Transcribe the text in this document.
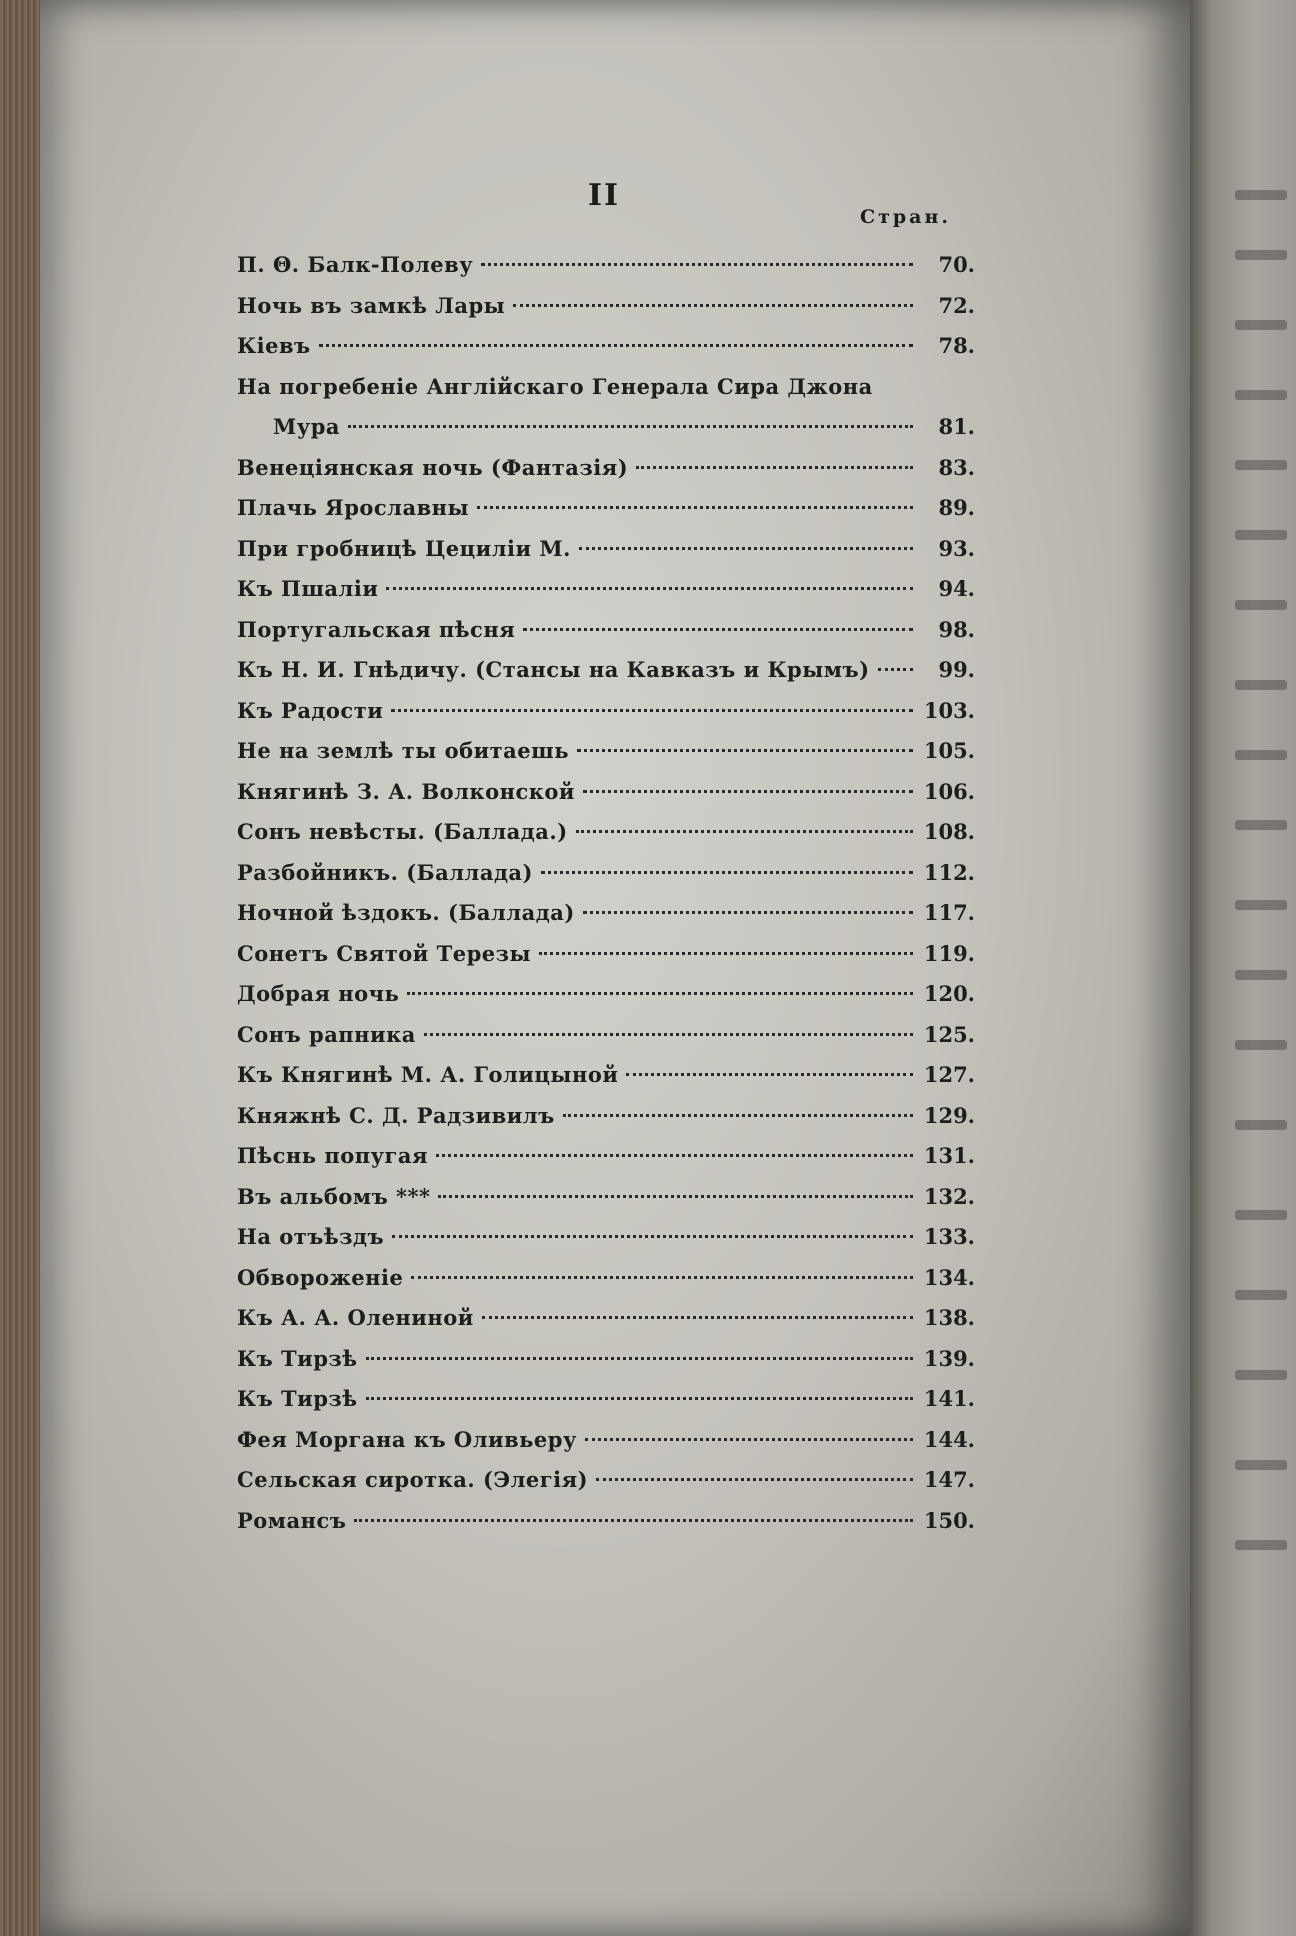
II
Стран.
П. Θ. Балк-Полеву	70.
Ночь въ замкѣ Лары	72.
Кіевъ	78.
На погребеніе Англійскаго Генерала Сира Джона
Мура	81.
Венеціянская ночь (Фантазія)	83.
Плачь Ярославны	89.
При гробницѣ Цециліи М.	93.
Къ Пшаліи	94.
Португальская пѣсня	98.
Къ Н. И. Гнѣдичу. (Стансы на Кавказъ и Крымъ)	99.
Къ Радости	103.
Не на землѣ ты обитаешь	105.
Княгинѣ З. А. Волконской	106.
Сонъ невѣсты. (Баллада.)	108.
Разбойникъ. (Баллада)	112.
Ночной ѣздокъ. (Баллада)	117.
Сонетъ Святой Терезы	119.
Добрая ночь	120.
Сонъ рапника	125.
Къ Княгинѣ М. А. Голицыной	127.
Княжнѣ С. Д. Радзивилъ	129.
Пѣснь попугая	131.
Въ альбомъ ***	132.
На отъѣздъ	133.
Обвороженіе	134.
Къ А. А. Олениной	138.
Къ Тирзѣ	139.
Къ Тирзѣ	141.
Фея Моргана къ Оливьеру	144.
Сельская сиротка. (Элегія)	147.
Романсъ	150.
